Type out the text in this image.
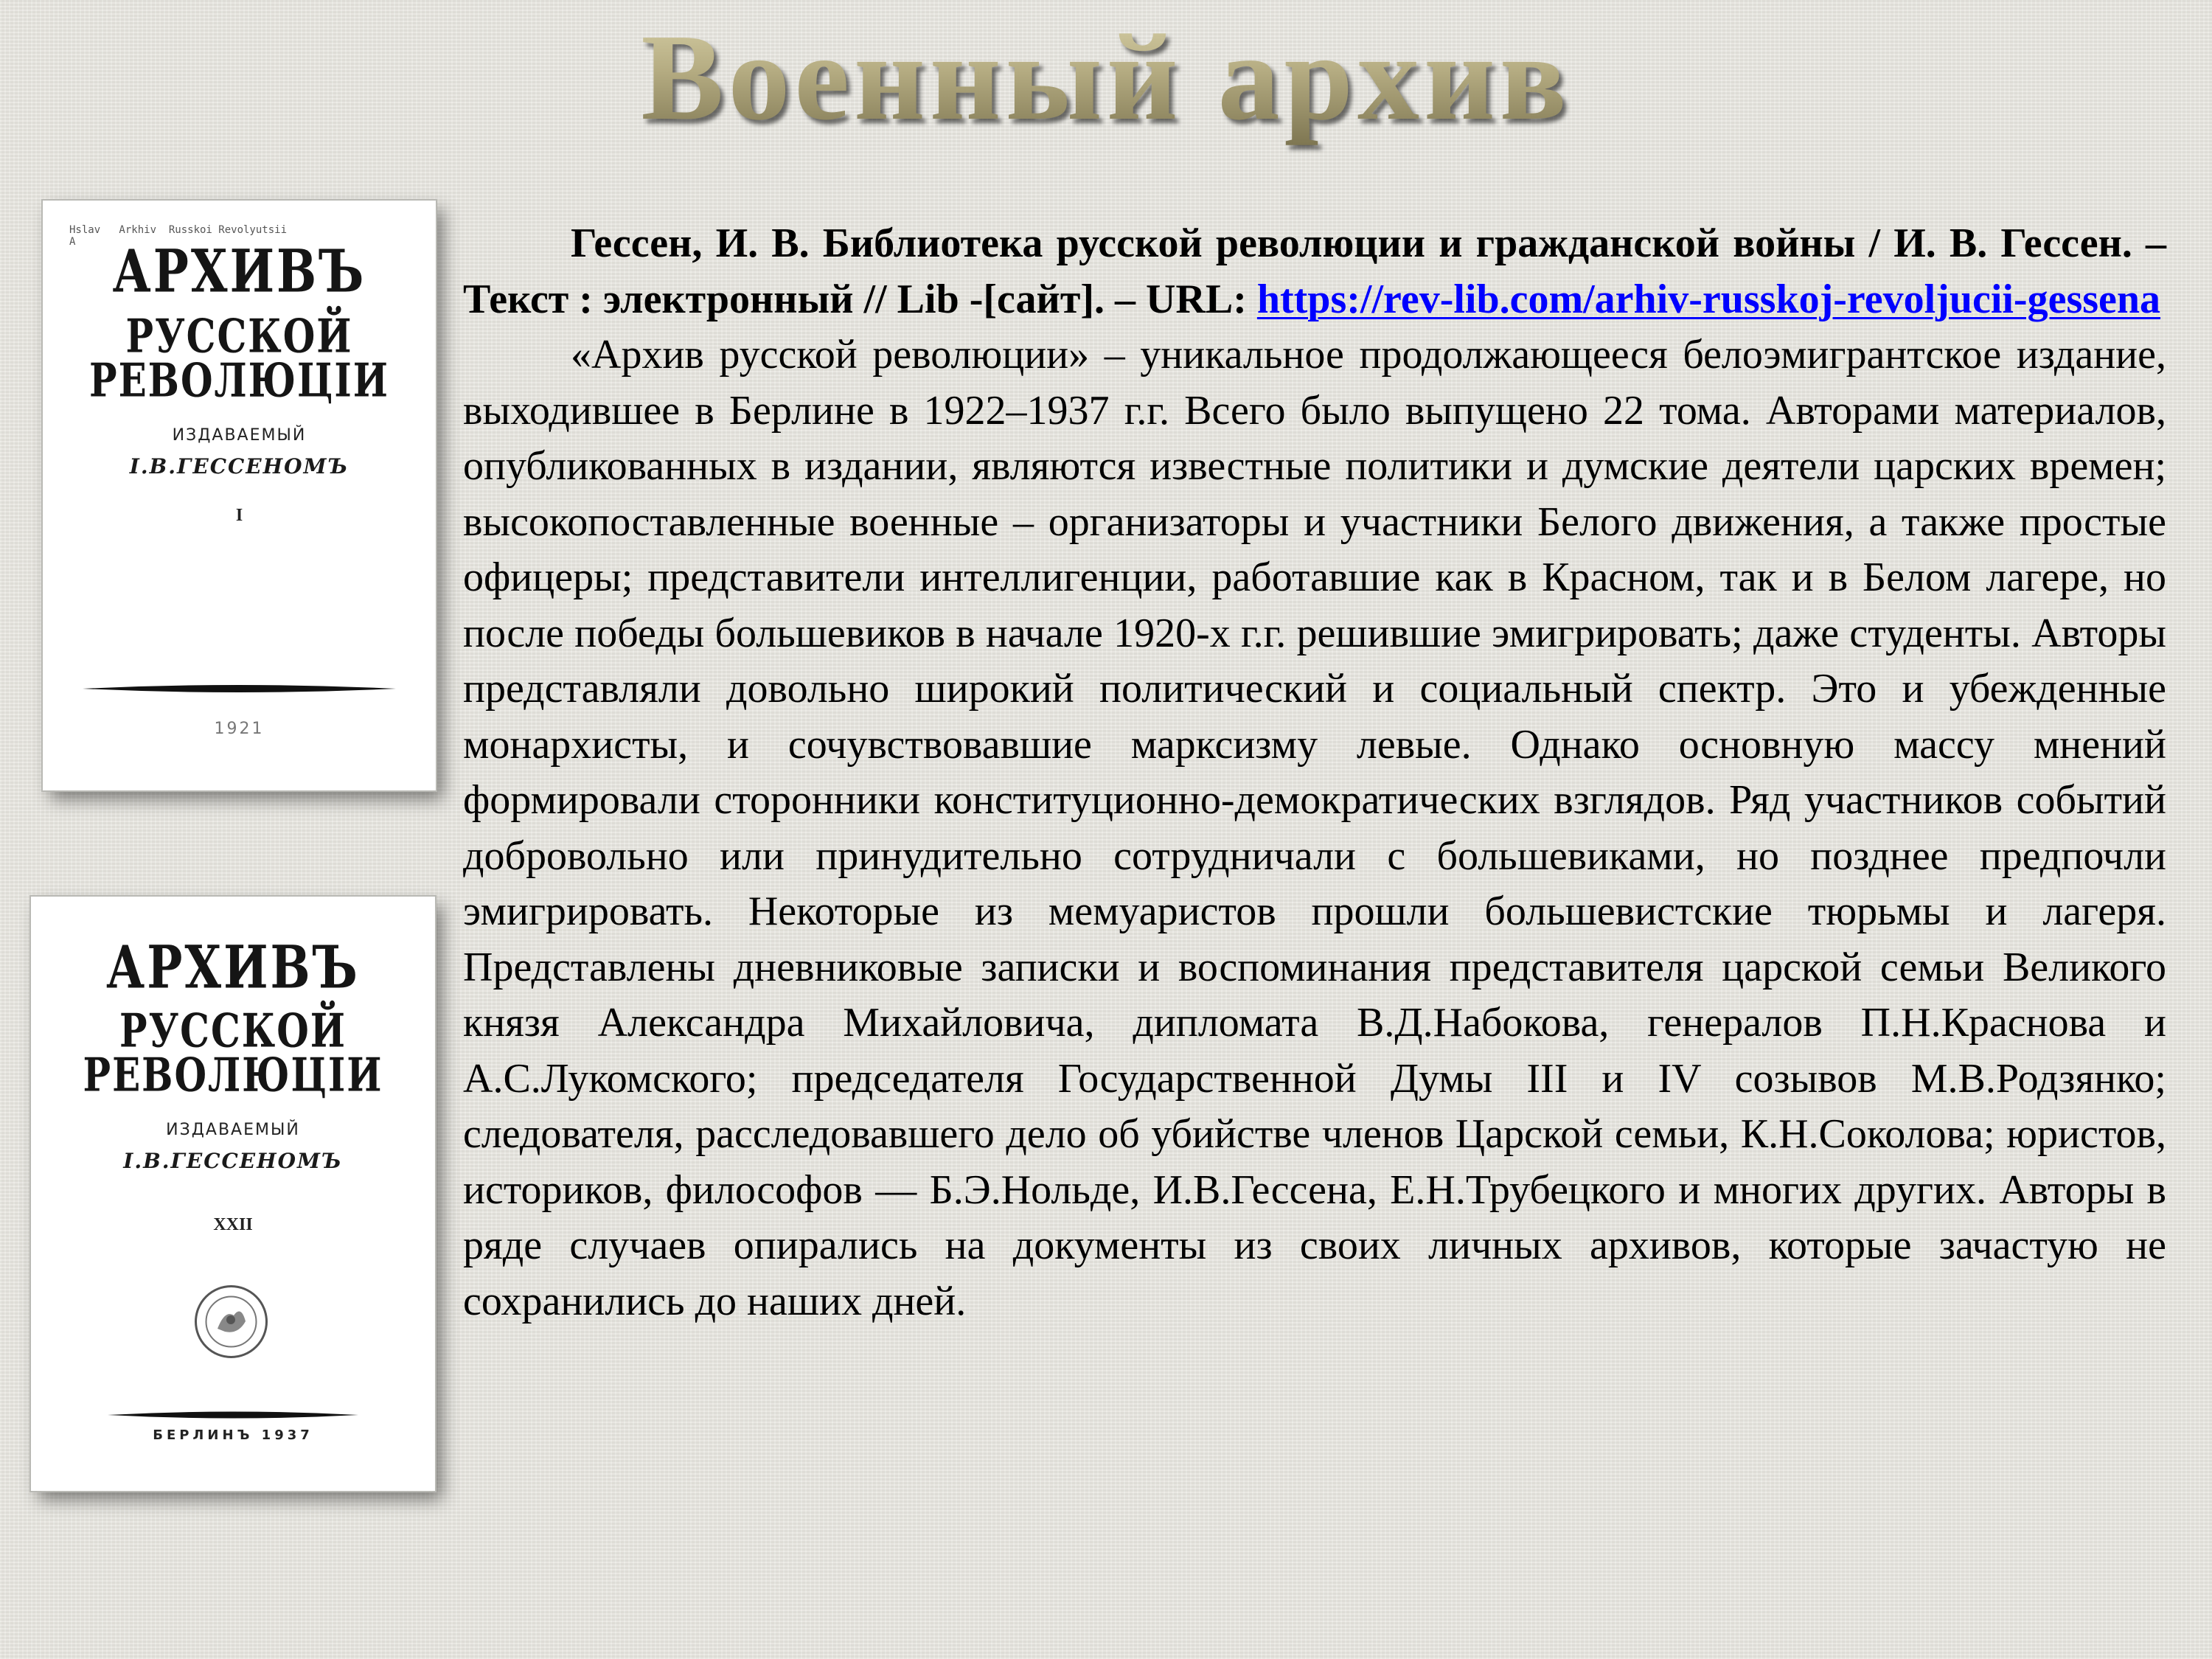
Военный архив
Hslav   Arkhiv  Russkoi Revolyutsii
A АРХИВЪ
РУССКОЙ
РЕВОЛЮЦІИ
ИЗДАВАЕМЫЙ
І.В.ГЕССЕНОМЪ
I
1921
АРХИВЪ
РУССКОЙ
РЕВОЛЮЦІИ
ИЗДАВАЕМЫЙ
І.В.ГЕССЕНОМЪ
XXII
БЕРЛИНЪ 1937

Гессен, И. В. Библиотека русской революции и гражданской войны / И. В. Гессен. – Текст : электронный // Lib -[сайт]. – URL: https://rev-lib.com/arhiv-russkoj-revoljucii-gessena

«Архив русской революции» – уникальное продолжающееся белоэмигрантское издание, выходившее в Берлине в 1922–1937 г.г. Всего было выпущено 22 тома. Авторами материалов, опубликованных в издании, являются известные политики и думские деятели царских времен; высокопоставленные военные – организаторы и участники Белого движения, а также простые офицеры; представители интеллигенции, работавшие как в Красном, так и в Белом лагере, но после победы большевиков в начале 1920-х г.г. решившие эмигрировать; даже студенты. Авторы представляли довольно широкий политический и социальный спектр. Это и убежденные монархисты, и сочувствовавшие марксизму левые. Однако основную массу мнений формировали сторонники конституционно-демократических взглядов. Ряд участников событий добровольно или принудительно сотрудничали с большевиками, но позднее предпочли эмигрировать. Некоторые из мемуаристов прошли большевистские тюрьмы и лагеря. Представлены дневниковые записки и воспоминания представителя царской семьи Великого князя Александра Михайловича, дипломата В.Д.Набокова, генералов П.Н.Краснова и А.С.Лукомского; председателя Государственной Думы III и IV созывов М.В.Родзянко; следователя, расследовавшего дело об убийстве членов Царской семьи, К.Н.Соколова; юристов, историков, философов — Б.Э.Нольде, И.В.Гессена, Е.Н.Трубецкого и многих других. Авторы в ряде случаев опирались на документы из своих личных архивов, которые зачастую не сохранились до наших дней.
